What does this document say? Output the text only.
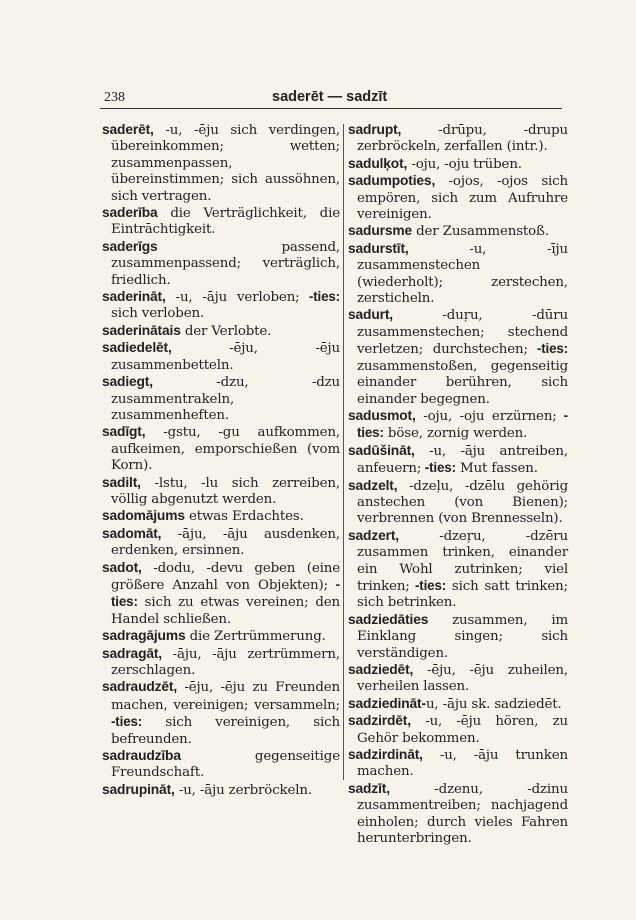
238	saderēt — sadzīt
saderēt, -u, -ēju sich verdingen, übereinkommen; wetten; zusammenpassen, übereinstimmen; sich aussöhnen, sich vertragen.
saderība die Verträglichkeit, die Eintrāchtigkeit.
saderīgs passend, zusammenpassend; verträglich, friedlich.
saderināt, -u, -āju verloben; -ties: sich verloben.
saderinātais der Verlobte.
sadiedelēt, -ēju, -ēju zusammenbetteln.
sadiegt, -dzu, -dzu zusammentrakeln, zusammenheften.
sadīgt, -gstu, -gu aufkommen, aufkeimen, emporschießen (vom Korn).
sadilt, -lstu, -lu sich zerreiben, völlig abgenutzt werden.
sadomājums etwas Erdachtes.
sadomāt, -āju, -āju ausdenken, erdenken, ersinnen.
sadot, -dodu, -devu geben (eine größere Anzahl von Objekten); -ties: sich zu etwas vereinen; den Handel schließen.
sadragājums die Zertrümmerung.
sadragāt, -āju, -āju zertrümmern, zerschlagen.
sadraudzēt, -ēju, -ēju zu Freunden machen, vereinigen; versammeln; -ties: sich vereinigen, sich befreunden.
sadraudzība gegenseitige Freundschaft.
sadrupināt, -u, -āju zerbröckeln.
sadrupt, -drūpu, -drupu zerbröckeln, zerfallen (intr.).
sadulķot, -oju, -oju trüben.
sadumpoties, -ojos, -ojos sich empören, sich zum Aufruhre vereinigen.
sadursme der Zusammenstoß.
sadurstīt, -u, -īju zusammenstechen (wiederholt); zerstechen, zersticheln.
sadurt, -duŗu, -dūru zusammenstechen; stechend verletzen; durchstechen; -ties: zusammenstoßen, gegenseitig einander berühren, sich einander begegnen.
sadusmot, -oju, -oju erzürnen; -ties: böse, zornig werden.
sadūšināt, -u, -āju antreiben, anfeuern; -ties: Mut fassen.
sadzelt, -dzeļu, -dzēlu gehörig anstechen (von Bienen); verbrennen (von Brennesseln).
sadzert, -dzeŗu, -dzēru zusammen trinken, einander ein Wohl zutrinken; viel trinken; -ties: sich satt trinken; sich betrinken.
sadziedāties zusammen, im Einklang singen; sich verständigen.
sadziedēt, -ēju, -ēju zuheilen, verheilen lassen.
sadziedināt-u, -āju sk. sadziedēt.
sadzirdēt, -u, -ēju hören, zu Gehör bekommen.
sadzirdināt, -u, -āju trunken machen.
sadzīt, -dzenu, -dzinu zusammentreiben; nachjagend einholen; durch vieles Fahren herunterbringen.
